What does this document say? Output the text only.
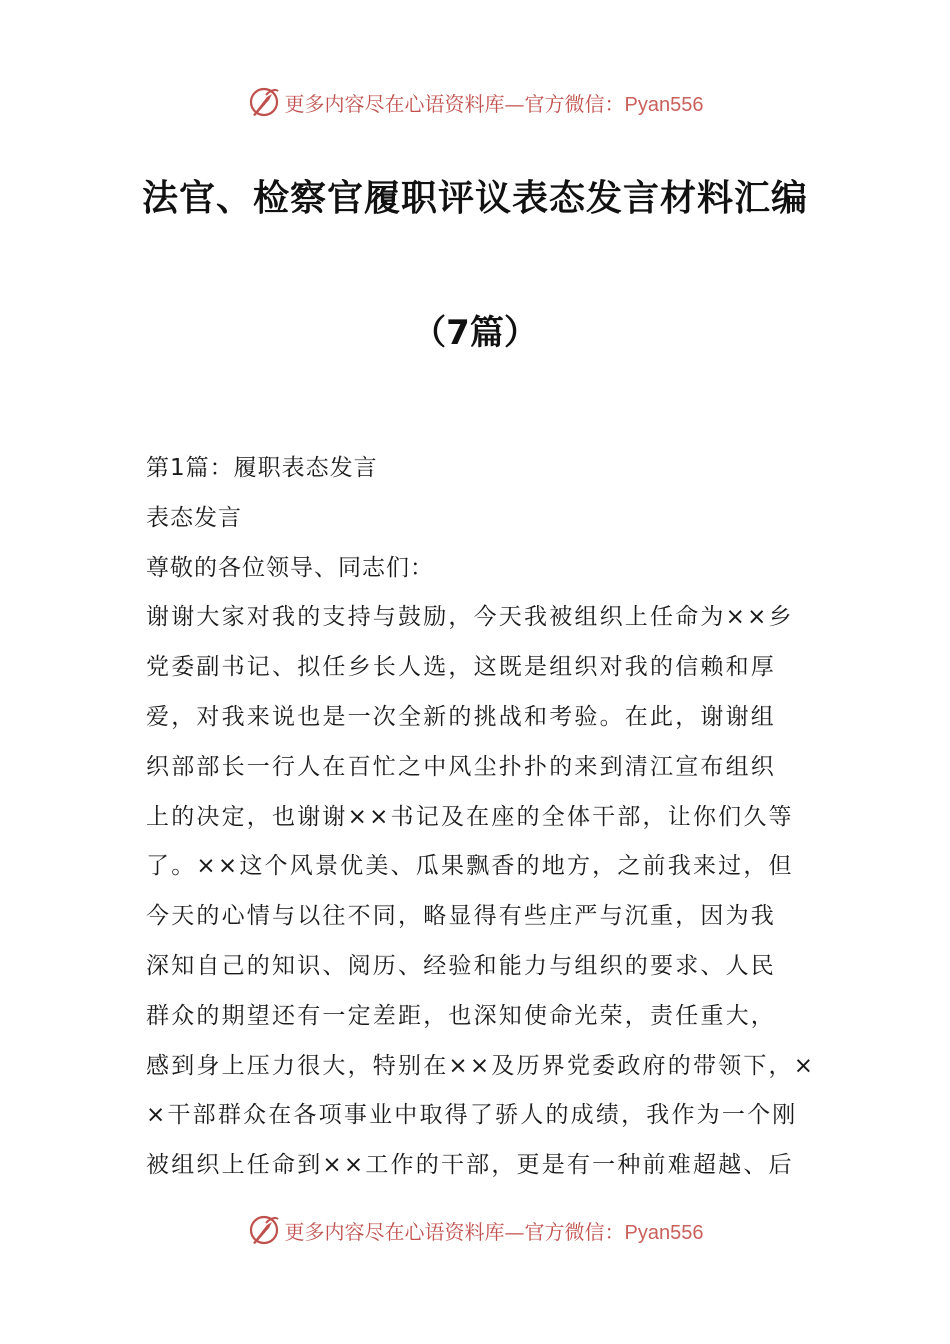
更多内容尽在心语资料库—官方微信：Pyan556
法官、检察官履职评议表态发言材料汇编
（7篇）
第1篇：履职表态发言
表态发言
尊敬的各位领导、同志们：
谢谢大家对我的支持与鼓励，今天我被组织上任命为××乡
党委副书记、拟任乡长人选，这既是组织对我的信赖和厚
爱，对我来说也是一次全新的挑战和考验。在此，谢谢组
织部部长一行人在百忙之中风尘扑扑的来到清江宣布组织
上的决定，也谢谢××书记及在座的全体干部，让你们久等
了。××这个风景优美、瓜果飘香的地方，之前我来过，但
今天的心情与以往不同，略显得有些庄严与沉重，因为我
深知自己的知识、阅历、经验和能力与组织的要求、人民
群众的期望还有一定差距，也深知使命光荣，责任重大，
感到身上压力很大，特别在××及历界党委政府的带领下，×
×干部群众在各项事业中取得了骄人的成绩，我作为一个刚
被组织上任命到××工作的干部，更是有一种前难超越、后
更多内容尽在心语资料库—官方微信：Pyan556
